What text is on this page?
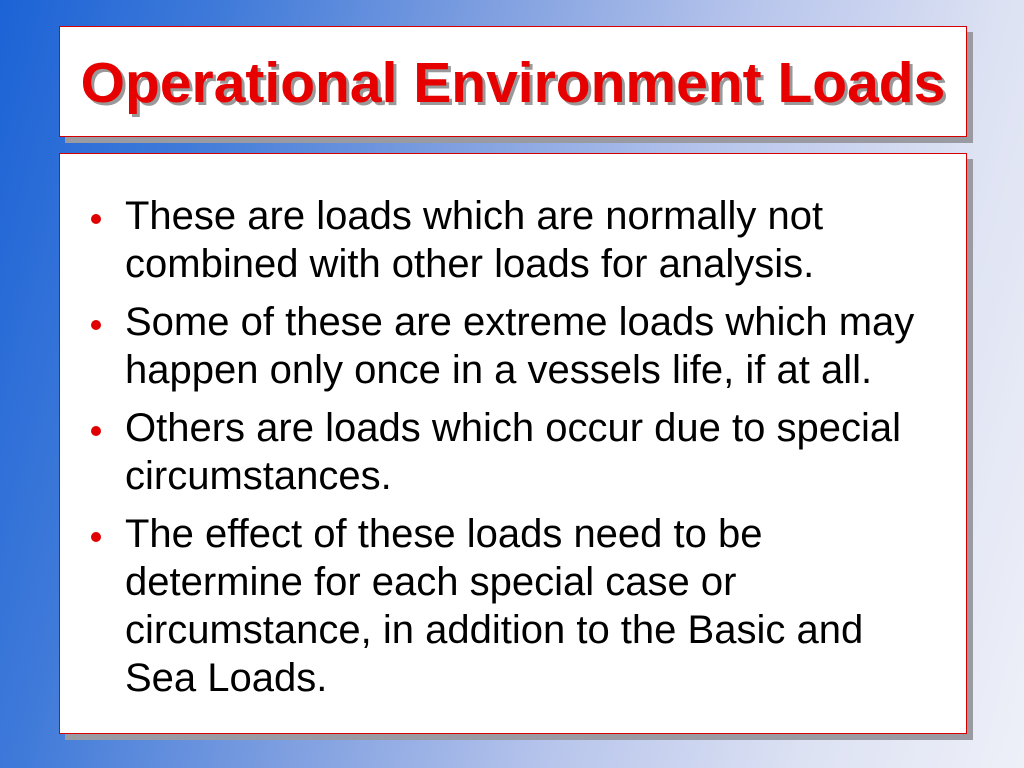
Operational Environment Loads
These are loads which are normally not combined with other loads for analysis.
Some of these are extreme loads which may happen only once in a vessels life, if at all.
Others are loads which occur due to special circumstances.
The effect of these loads need to be determine for each special case or circumstance, in addition to the Basic and Sea Loads.
